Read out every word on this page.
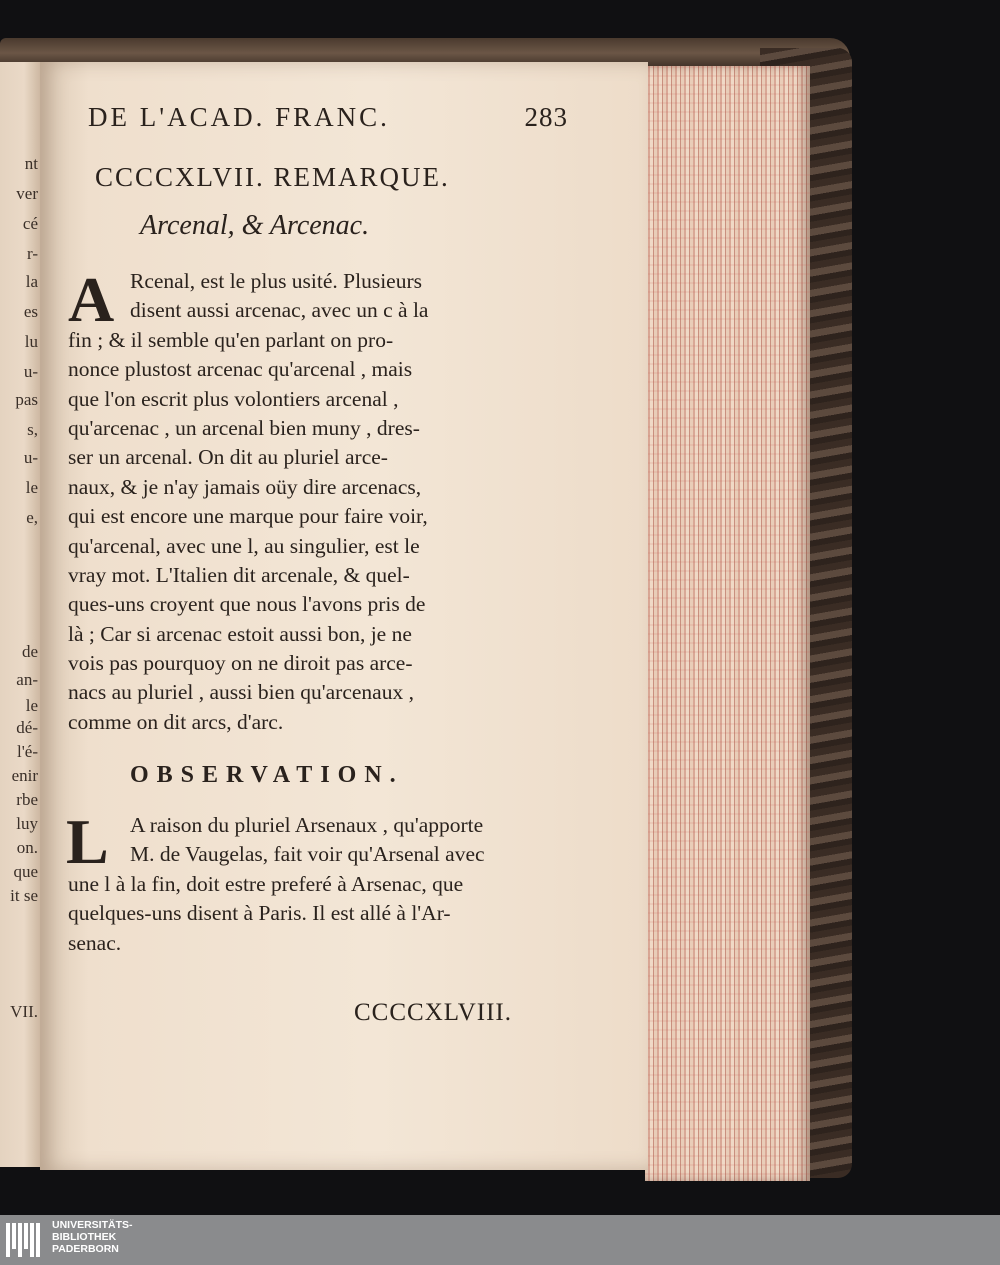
nt
ver
cé
r-
la
es
lu
u-
pas
s,
u-
le
e,
de
an-
le
dé-
l'é-
enir
rbe
luy
on.
que
it se
VII.
DE L'ACAD. FRANC.	283
CCCCXLVII. REMARQUE.
Arcenal, & Arcenac.
A Rcenal, est le plus usité. Plusieurs
disent aussi arcenac, avec un c à la
fin ; & il semble qu'en parlant on pro-
nonce plustost arcenac qu'arcenal , mais
que l'on escrit plus volontiers arcenal ,
qu'arcenac , un arcenal bien muny , dres-
ser un arcenal. On dit au pluriel arce-
naux, & je n'ay jamais oüy dire arcenacs,
qui est encore une marque pour faire voir,
qu'arcenal, avec une l, au singulier, est le
vray mot. L'Italien dit arcenale, & quel-
ques-uns croyent que nous l'avons pris de
là ; Car si arcenac estoit aussi bon, je ne
vois pas pourquoy on ne diroit pas arce-
nacs au pluriel , aussi bien qu'arcenaux ,
comme on dit arcs, d'arc.
OBSERVATION.
L A raison du pluriel Arsenaux , qu'apporte
M. de Vaugelas, fait voir qu'Arsenal avec
une l à la fin, doit estre preferé à Arsenac, que
quelques-uns disent à Paris. Il est allé à l'Ar-
senac.
CCCCXLVIII.
UNIVERSITÄTS-
BIBLIOTHEK
PADERBORN
